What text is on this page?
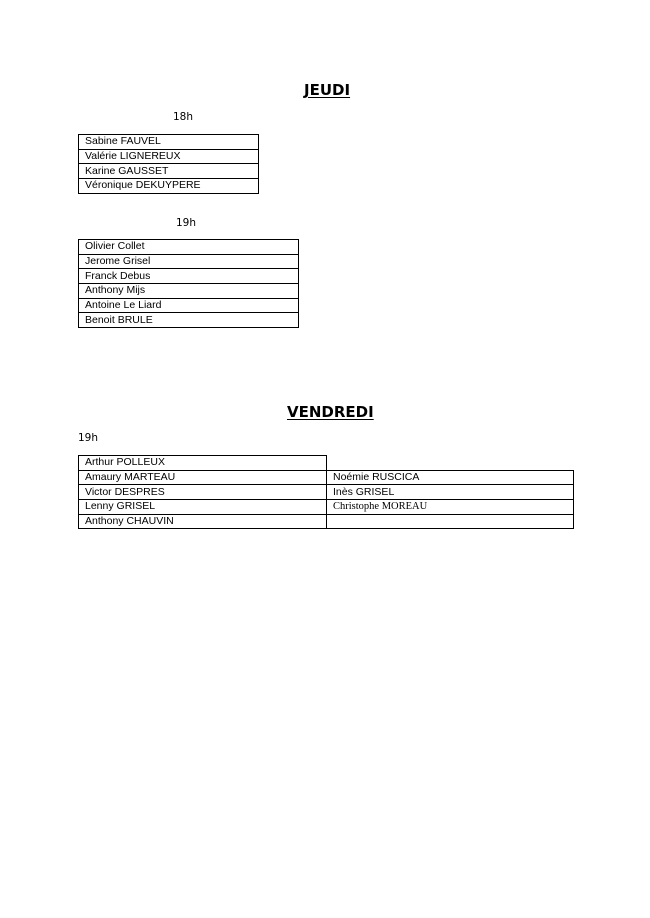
JEUDI
18h
Sabine FAUVEL
Valérie LIGNEREUX
Karine GAUSSET
Véronique DEKUYPERE
19h
Olivier Collet
Jerome Grisel
Franck Debus
Anthony Mijs
Antoine Le Liard
Benoit BRULE
VENDREDI
19h
Arthur POLLEUX	
Amaury MARTEAU	Noémie RUSCICA
Victor DESPRES	Inès GRISEL
Lenny GRISEL	Christophe MOREAU
Anthony CHAUVIN	
